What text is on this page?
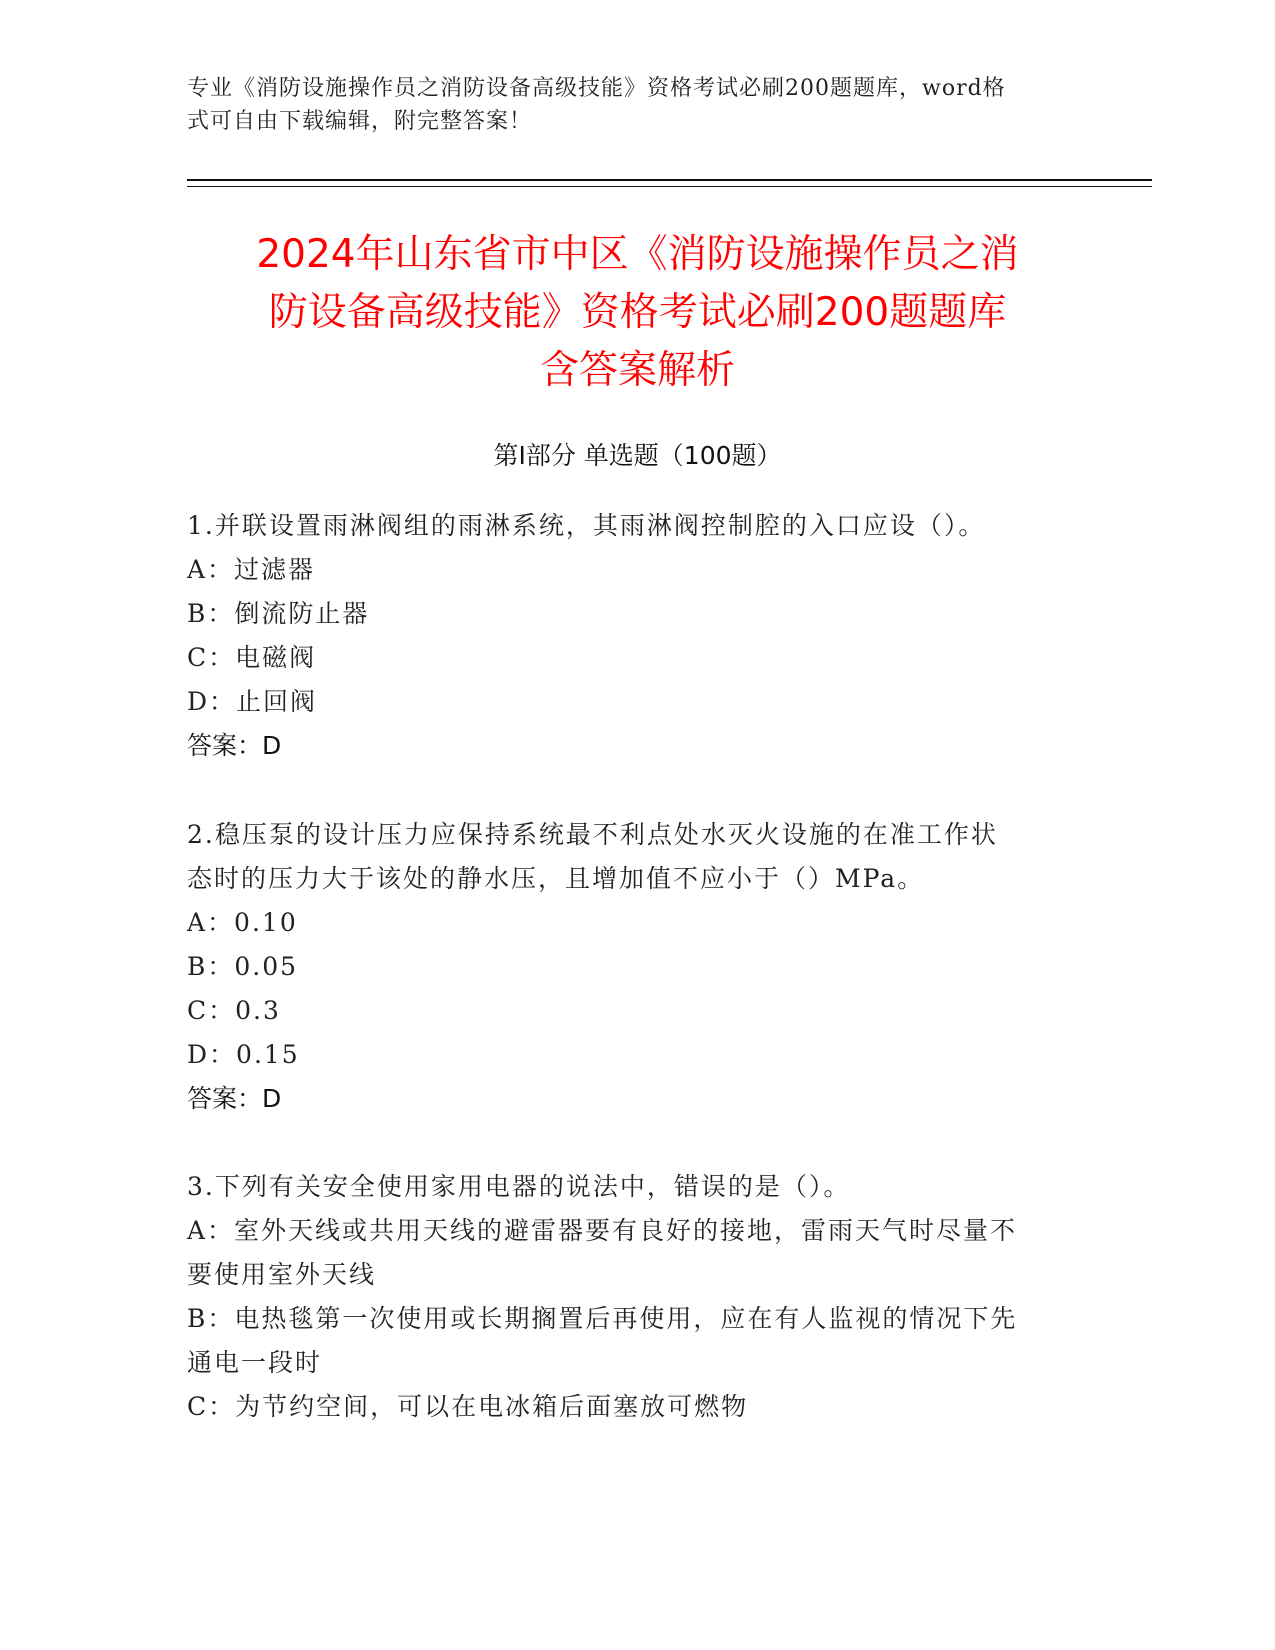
专业《消防设施操作员之消防设备高级技能》资格考试必刷200题题库，word格
式可自由下载编辑，附完整答案！
2024年山东省市中区《消防设施操作员之消
防设备高级技能》资格考试必刷200题题库
含答案解析
第Ⅰ部分 单选题（100题）
1.并联设置雨淋阀组的雨淋系统，其雨淋阀控制腔的入口应设（）。
A：过滤器
B：倒流防止器
C：电磁阀
D：止回阀
答案：D
2.稳压泵的设计压力应保持系统最不利点处水灭火设施的在准工作状
态时的压力大于该处的静水压，且增加值不应小于（）MPa。
A：0.10
B：0.05
C：0.3
D：0.15
答案：D
3.下列有关安全使用家用电器的说法中，错误的是（）。
A：室外天线或共用天线的避雷器要有良好的接地，雷雨天气时尽量不
要使用室外天线
B：电热毯第一次使用或长期搁置后再使用，应在有人监视的情况下先
通电一段时
C：为节约空间，可以在电冰箱后面塞放可燃物
